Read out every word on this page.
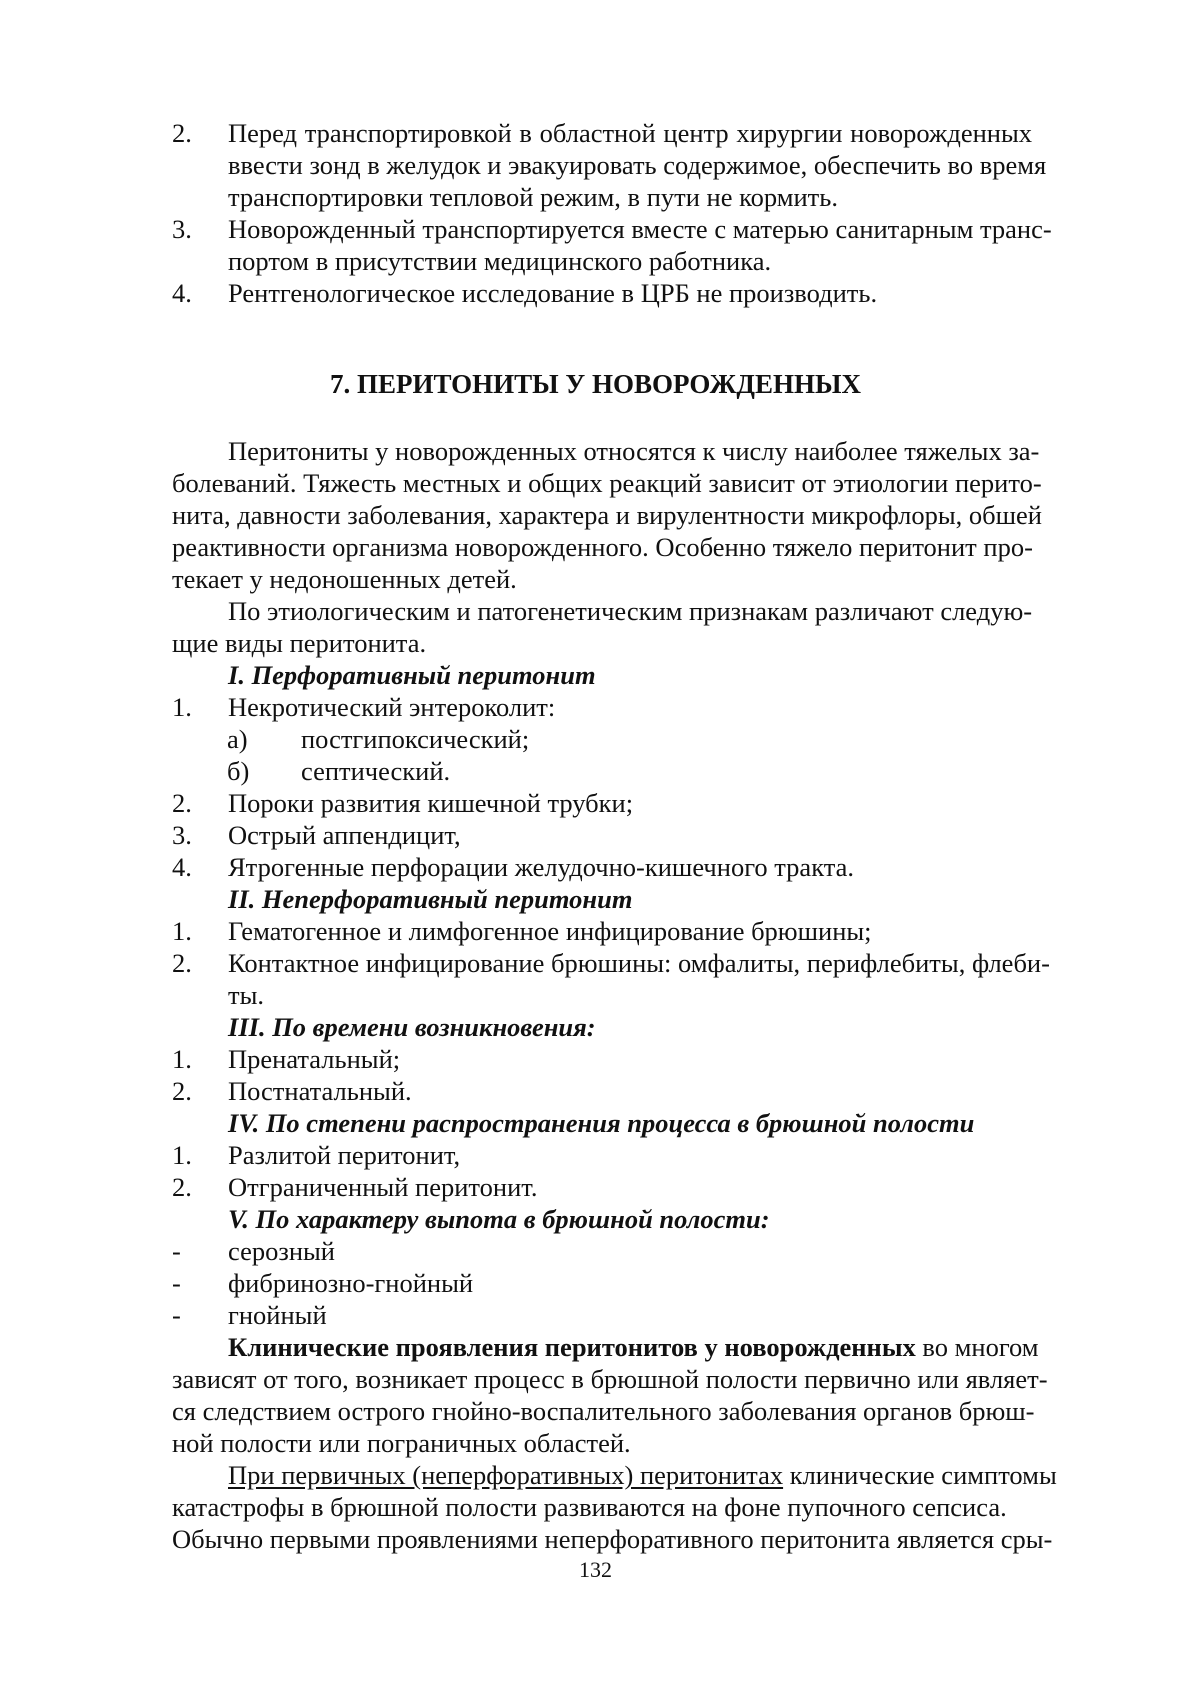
2. Перед транспортировкой в областной центр хирургии новорожденных
ввести зонд в желудок и эвакуировать содержимое, обеспечить во время
транспортировки тепловой режим, в пути не кормить.
3. Новорожденный транспортируется вместе с матерью санитарным транс-
портом в присутствии медицинского работника.
4. Рентгенологическое исследование в ЦРБ не производить.
7. ПЕРИТОНИТЫ У НОВОРОЖДЕННЫХ
Перитониты у новорожденных относятся к числу наиболее тяжелых за-
болеваний. Тяжесть местных и общих реакций зависит от этиологии перито-
нита, давности заболевания, характера и вирулентности микрофлоры, обшей
реактивности организма новорожденного. Особенно тяжело перитонит про-
текает у недоношенных детей.
По этиологическим и патогенетическим признакам различают следую-
щие виды перитонита.
I. Перфоративный перитонит
1. Некротический энтероколит:
а) постгипоксический;
б) септический.
2. Пороки развития кишечной трубки;
3. Острый аппендицит,
4. Ятрогенные перфорации желудочно-кишечного тракта.
II. Неперфоративный перитонит
1. Гематогенное и лимфогенное инфицирование брюшины;
2. Контактное инфицирование брюшины: омфалиты, перифлебиты, флеби-
ты.
III. По времени возникновения:
1. Пренатальный;
2. Постнатальный.
IV. По степени распространения процесса в брюшной полости
1. Разлитой перитонит,
2. Отграниченный перитонит.
V. По характеру выпота в брюшной полости:
- серозный
- фибринозно-гнойный
- гнойный
Клинические проявления перитонитов у новорожденных во многом
зависят от того, возникает процесс в брюшной полости первично или являет-
ся следствием острого гнойно-воспалительного заболевания органов брюш-
ной полости или пограничных областей.
При первичных (неперфоративных) перитонитах клинические симптомы
катастрофы в брюшной полости развиваются на фоне пупочного сепсиса.
Обычно первыми проявлениями неперфоративного перитонита является сры-
132
